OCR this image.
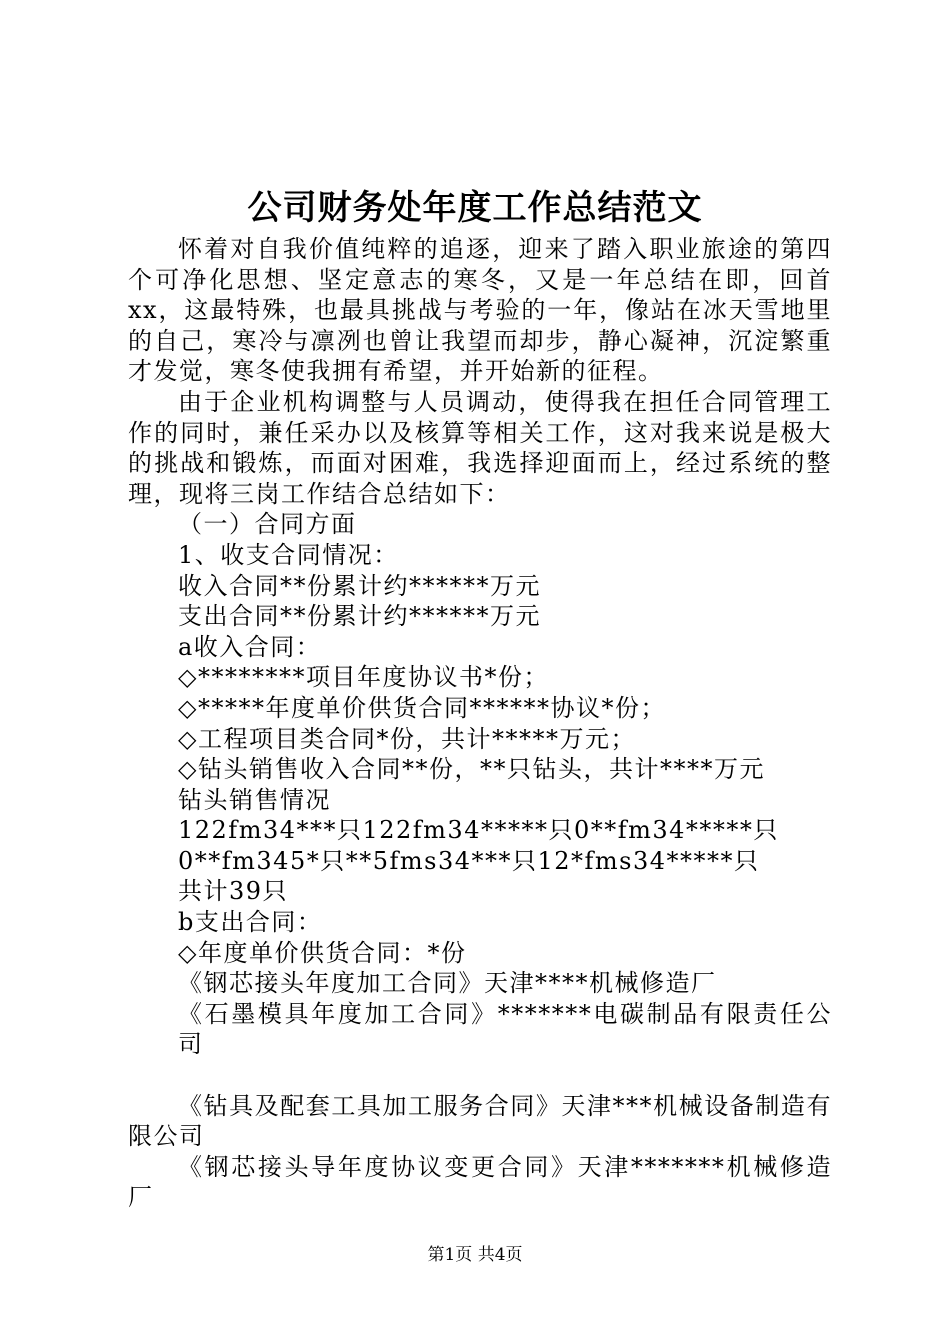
公司财务处年度工作总结范文

怀着对自我价值纯粹的追逐，迎来了踏入职业旅途的第四个可净化思想、坚定意志的寒冬，又是一年总结在即，回首xx，这最特殊，也最具挑战与考验的一年，像站在冰天雪地里的自己，寒冷与凛冽也曾让我望而却步，静心凝神，沉淀繁重才发觉，寒冬使我拥有希望，并开始新的征程。

由于企业机构调整与人员调动，使得我在担任合同管理工作的同时，兼任采办以及核算等相关工作，这对我来说是极大的挑战和锻炼，而面对困难，我选择迎面而上，经过系统的整理，现将三岗工作结合总结如下：

（一）合同方面

1、收支合同情况：

收入合同**份累计约******万元

支出合同**份累计约******万元

a收入合同：

◇********项目年度协议书*份；

◇*****年度单价供货合同******协议*份；

◇工程项目类合同*份，共计*****万元；

◇钻头销售收入合同**份，**只钻头，共计****万元

钻头销售情况

122fm34***只122fm34*****只0**fm34*****只

0**fm345*只**5fms34***只12*fms34*****只

共计39只

b支出合同：

◇年度单价供货合同：*份

《钢芯接头年度加工合同》天津****机械修造厂

《石墨模具年度加工合同》*******电碳制品有限责任公司

《钻具及配套工具加工服务合同》天津***机械设备制造有限公司

《钢芯接头导年度协议变更合同》天津*******机械修造厂

第1页 共4页
